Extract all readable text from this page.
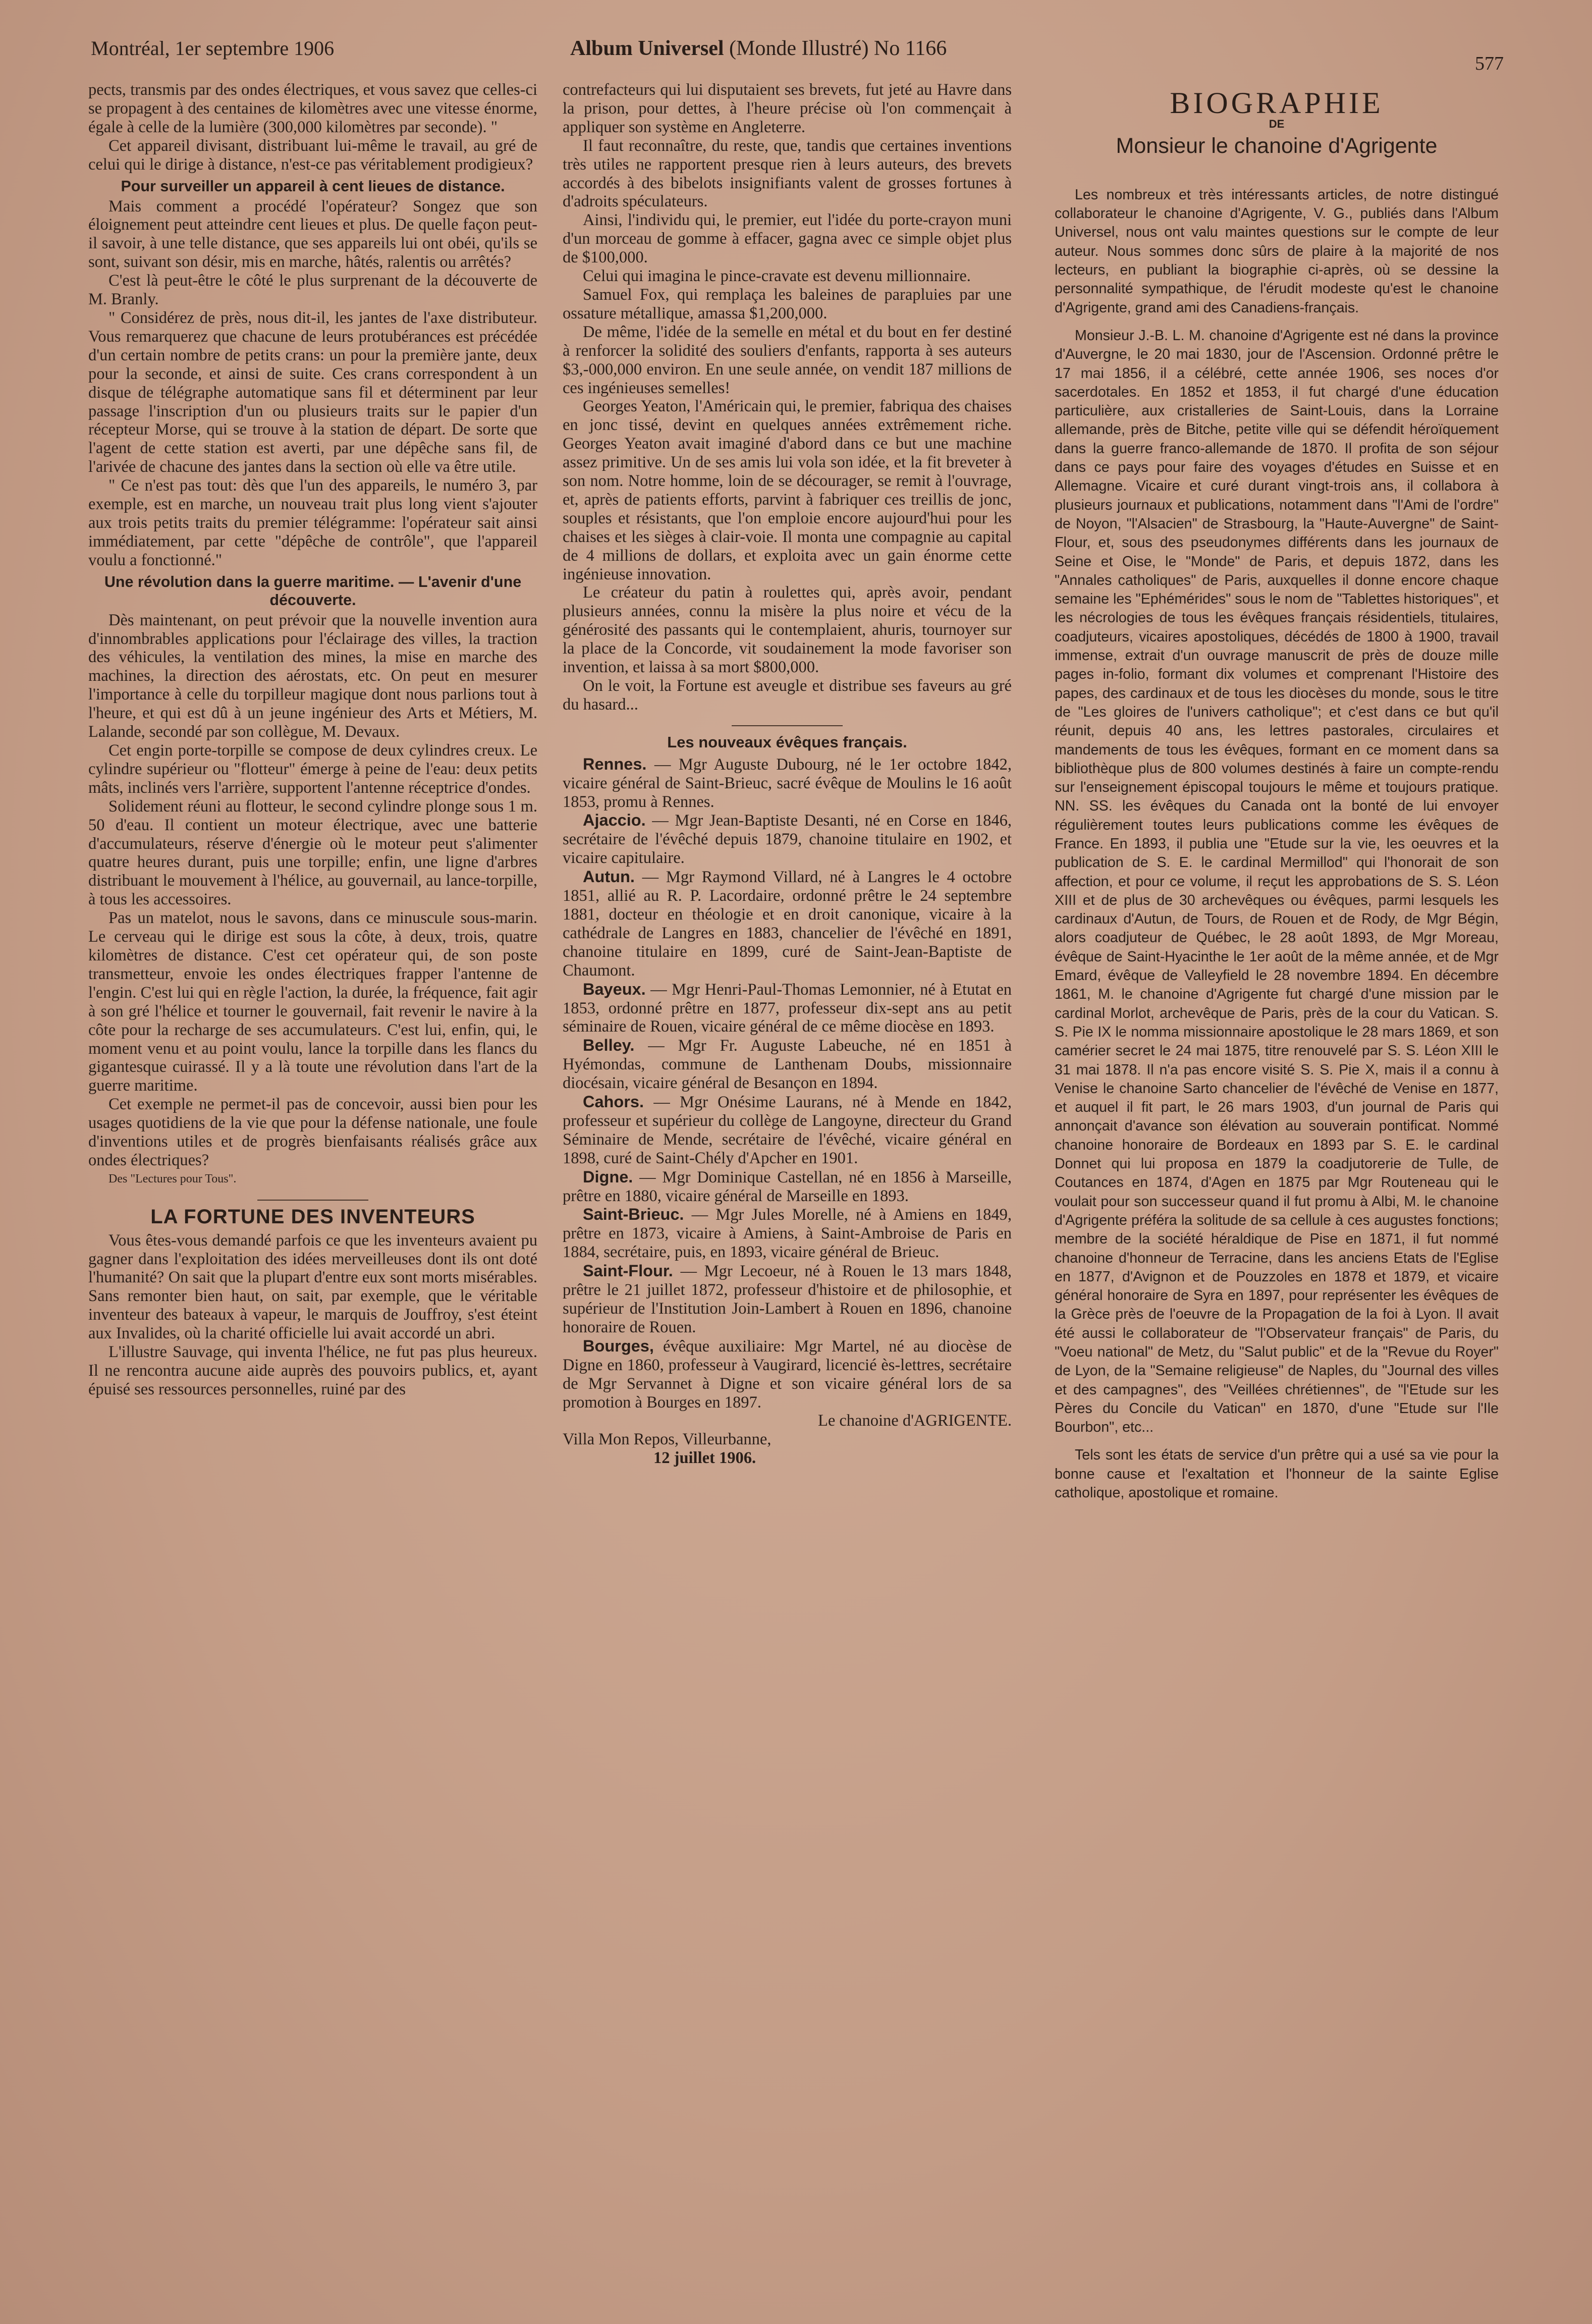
Montréal, 1er septembre 1906	Album Universel (Monde Illustré) No 1166
577

pects, transmis par des ondes électriques, et vous savez que celles-ci se propagent à des centaines de kilomètres avec une vitesse énorme, égale à celle de la lumière (300,000 kilomètres par seconde). "

Cet appareil divisant, distribuant lui-même le travail, au gré de celui qui le dirige à distance, n'est-ce pas véritablement prodigieux?

Pour surveiller un appareil à cent lieues de distance.

Mais comment a procédé l'opérateur? Songez que son éloignement peut atteindre cent lieues et plus. De quelle façon peut-il savoir, à une telle distance, que ses appareils lui ont obéi, qu'ils se sont, suivant son désir, mis en marche, hâtés, ralentis ou arrêtés?

C'est là peut-être le côté le plus surprenant de la découverte de M. Branly.

" Considérez de près, nous dit-il, les jantes de l'axe distributeur. Vous remarquerez que chacune de leurs protubérances est précédée d'un certain nombre de petits crans: un pour la première jante, deux pour la seconde, et ainsi de suite. Ces crans correspondent à un disque de télégraphe automatique sans fil et déterminent par leur passage l'inscription d'un ou plusieurs traits sur le papier d'un récepteur Morse, qui se trouve à la station de départ. De sorte que l'agent de cette station est averti, par une dépêche sans fil, de l'arivée de chacune des jantes dans la section où elle va être utile.

" Ce n'est pas tout: dès que l'un des appareils, le numéro 3, par exemple, est en marche, un nouveau trait plus long vient s'ajouter aux trois petits traits du premier télégramme: l'opérateur sait ainsi immédiatement, par cette "dépêche de contrôle", que l'appareil voulu a fonctionné."

Une révolution dans la guerre maritime. — L'avenir d'une découverte.

Dès maintenant, on peut prévoir que la nouvelle invention aura d'innombrables applications pour l'éclairage des villes, la traction des véhicules, la ventilation des mines, la mise en marche des machines, la direction des aérostats, etc. On peut en mesurer l'importance à celle du torpilleur magique dont nous parlions tout à l'heure, et qui est dû à un jeune ingénieur des Arts et Métiers, M. Lalande, secondé par son collègue, M. Devaux.

Cet engin porte-torpille se compose de deux cylindres creux. Le cylindre supérieur ou "flotteur" émerge à peine de l'eau: deux petits mâts, inclinés vers l'arrière, supportent l'antenne réceptrice d'ondes.

Solidement réuni au flotteur, le second cylindre plonge sous 1 m. 50 d'eau. Il contient un moteur électrique, avec une batterie d'accumulateurs, réserve d'énergie où le moteur peut s'alimenter quatre heures durant, puis une torpille; enfin, une ligne d'arbres distribuant le mouvement à l'hélice, au gouvernail, au lance-torpille, à tous les accessoires.

Pas un matelot, nous le savons, dans ce minuscule sous-marin. Le cerveau qui le dirige est sous la côte, à deux, trois, quatre kilomètres de distance. C'est cet opérateur qui, de son poste transmetteur, envoie les ondes électriques frapper l'antenne de l'engin. C'est lui qui en règle l'action, la durée, la fréquence, fait agir à son gré l'hélice et tourner le gouvernail, fait revenir le navire à la côte pour la recharge de ses accumulateurs. C'est lui, enfin, qui, le moment venu et au point voulu, lance la torpille dans les flancs du gigantesque cuirassé. Il y a là toute une révolution dans l'art de la guerre maritime.

Cet exemple ne permet-il pas de concevoir, aussi bien pour les usages quotidiens de la vie que pour la défense nationale, une foule d'inventions utiles et de progrès bienfaisants réalisés grâce aux ondes électriques?

Des "Lectures pour Tous".

LA FORTUNE DES INVENTEURS

Vous êtes-vous demandé parfois ce que les inventeurs avaient pu gagner dans l'exploitation des idées merveilleuses dont ils ont doté l'humanité? On sait que la plupart d'entre eux sont morts misérables. Sans remonter bien haut, on sait, par exemple, que le véritable inventeur des bateaux à vapeur, le marquis de Jouffroy, s'est éteint aux Invalides, où la charité officielle lui avait accordé un abri.

L'illustre Sauvage, qui inventa l'hélice, ne fut pas plus heureux. Il ne rencontra aucune aide auprès des pouvoirs publics, et, ayant épuisé ses ressources personnelles, ruiné par des

contrefacteurs qui lui disputaient ses brevets, fut jeté au Havre dans la prison, pour dettes, à l'heure précise où l'on commençait à appliquer son système en Angleterre.

Il faut reconnaître, du reste, que, tandis que certaines inventions très utiles ne rapportent presque rien à leurs auteurs, des brevets accordés à des bibelots insignifiants valent de grosses fortunes à d'adroits spéculateurs.

Ainsi, l'individu qui, le premier, eut l'idée du porte-crayon muni d'un morceau de gomme à effacer, gagna avec ce simple objet plus de $100,000.

Celui qui imagina le pince-cravate est devenu millionnaire.

Samuel Fox, qui remplaça les baleines de parapluies par une ossature métallique, amassa $1,200,000.

De même, l'idée de la semelle en métal et du bout en fer destiné à renforcer la solidité des souliers d'enfants, rapporta à ses auteurs $3,-000,000 environ. En une seule année, on vendit 187 millions de ces ingénieuses semelles!

Georges Yeaton, l'Américain qui, le premier, fabriqua des chaises en jonc tissé, devint en quelques années extrêmement riche. Georges Yeaton avait imaginé d'abord dans ce but une machine assez primitive. Un de ses amis lui vola son idée, et la fit breveter à son nom. Notre homme, loin de se décourager, se remit à l'ouvrage, et, après de patients efforts, parvint à fabriquer ces treillis de jonc, souples et résistants, que l'on emploie encore aujourd'hui pour les chaises et les sièges à clair-voie. Il monta une compagnie au capital de 4 millions de dollars, et exploita avec un gain énorme cette ingénieuse innovation.

Le créateur du patin à roulettes qui, après avoir, pendant plusieurs années, connu la misère la plus noire et vécu de la générosité des passants qui le contemplaient, ahuris, tournoyer sur la place de la Concorde, vit soudainement la mode favoriser son invention, et laissa à sa mort $800,000.

On le voit, la Fortune est aveugle et distribue ses faveurs au gré du hasard...

Les nouveaux évêques français.

Rennes. — Mgr Auguste Dubourg, né le 1er octobre 1842, vicaire général de Saint-Brieuc, sacré évêque de Moulins le 16 août 1853, promu à Rennes.

Ajaccio. — Mgr Jean-Baptiste Desanti, né en Corse en 1846, secrétaire de l'évêché depuis 1879, chanoine titulaire en 1902, et vicaire capitulaire.

Autun. — Mgr Raymond Villard, né à Langres le 4 octobre 1851, allié au R. P. Lacordaire, ordonné prêtre le 24 septembre 1881, docteur en théologie et en droit canonique, vicaire à la cathédrale de Langres en 1883, chancelier de l'évêché en 1891, chanoine titulaire en 1899, curé de Saint-Jean-Baptiste de Chaumont.

Bayeux. — Mgr Henri-Paul-Thomas Lemonnier, né à Etutat en 1853, ordonné prêtre en 1877, professeur dix-sept ans au petit séminaire de Rouen, vicaire général de ce même diocèse en 1893.

Belley. — Mgr Fr. Auguste Labeuche, né en 1851 à Hyémondas, commune de Lanthenam Doubs, missionnaire diocésain, vicaire général de Besançon en 1894.

Cahors. — Mgr Onésime Laurans, né à Mende en 1842, professeur et supérieur du collège de Langoyne, directeur du Grand Séminaire de Mende, secrétaire de l'évêché, vicaire général en 1898, curé de Saint-Chély d'Apcher en 1901.

Digne. — Mgr Dominique Castellan, né en 1856 à Marseille, prêtre en 1880, vicaire général de Marseille en 1893.

Saint-Brieuc. — Mgr Jules Morelle, né à Amiens en 1849, prêtre en 1873, vicaire à Amiens, à Saint-Ambroise de Paris en 1884, secrétaire, puis, en 1893, vicaire général de Brieuc.

Saint-Flour. — Mgr Lecoeur, né à Rouen le 13 mars 1848, prêtre le 21 juillet 1872, professeur d'histoire et de philosophie, et supérieur de l'Institution Join-Lambert à Rouen en 1896, chanoine honoraire de Rouen.

Bourges, évêque auxiliaire: Mgr Martel, né au diocèse de Digne en 1860, professeur à Vaugirard, licencié ès-lettres, secrétaire de Mgr Servannet à Digne et son vicaire général lors de sa promotion à Bourges en 1897.

Le chanoine d'AGRIGENTE.

Villa Mon Repos, Villeurbanne,

12 juillet 1906.

BIOGRAPHIE
DE
Monsieur le chanoine d'Agrigente

Les nombreux et très intéressants articles, de notre distingué collaborateur le chanoine d'Agrigente, V. G., publiés dans l'Album Universel, nous ont valu maintes questions sur le compte de leur auteur. Nous sommes donc sûrs de plaire à la majorité de nos lecteurs, en publiant la biographie ci-après, où se dessine la personnalité sympathique, de l'érudit modeste qu'est le chanoine d'Agrigente, grand ami des Canadiens-français.

Monsieur J.-B. L. M. chanoine d'Agrigente est né dans la province d'Auvergne, le 20 mai 1830, jour de l'Ascension. Ordonné prêtre le 17 mai 1856, il a célébré, cette année 1906, ses noces d'or sacerdotales. En 1852 et 1853, il fut chargé d'une éducation particulière, aux cristalleries de Saint-Louis, dans la Lorraine allemande, près de Bitche, petite ville qui se défendit héroïquement dans la guerre franco-allemande de 1870. Il profita de son séjour dans ce pays pour faire des voyages d'études en Suisse et en Allemagne. Vicaire et curé durant vingt-trois ans, il collabora à plusieurs journaux et publications, notamment dans "l'Ami de l'ordre" de Noyon, "l'Alsacien" de Strasbourg, la "Haute-Auvergne" de Saint-Flour, et, sous des pseudonymes différents dans les journaux de Seine et Oise, le "Monde" de Paris, et depuis 1872, dans les "Annales catholiques" de Paris, auxquelles il donne encore chaque semaine les "Ephémérides" sous le nom de "Tablettes historiques", et les nécrologies de tous les évêques français résidentiels, titulaires, coadjuteurs, vicaires apostoliques, décédés de 1800 à 1900, travail immense, extrait d'un ouvrage manuscrit de près de douze mille pages in-folio, formant dix volumes et comprenant l'Histoire des papes, des cardinaux et de tous les diocèses du monde, sous le titre de "Les gloires de l'univers catholique"; et c'est dans ce but qu'il réunit, depuis 40 ans, les lettres pastorales, circulaires et mandements de tous les évêques, formant en ce moment dans sa bibliothèque plus de 800 volumes destinés à faire un compte-rendu sur l'enseignement épiscopal toujours le même et toujours pratique. NN. SS. les évêques du Canada ont la bonté de lui envoyer régulièrement toutes leurs publications comme les évêques de France. En 1893, il publia une "Etude sur la vie, les oeuvres et la publication de S. E. le cardinal Mermillod" qui l'honorait de son affection, et pour ce volume, il reçut les approbations de S. S. Léon XIII et de plus de 30 archevêques ou évêques, parmi lesquels les cardinaux d'Autun, de Tours, de Rouen et de Rody, de Mgr Bégin, alors coadjuteur de Québec, le 28 août 1893, de Mgr Moreau, évêque de Saint-Hyacinthe le 1er août de la même année, et de Mgr Emard, évêque de Valleyfield le 28 novembre 1894. En décembre 1861, M. le chanoine d'Agrigente fut chargé d'une mission par le cardinal Morlot, archevêque de Paris, près de la cour du Vatican. S. S. Pie IX le nomma missionnaire apostolique le 28 mars 1869, et son camérier secret le 24 mai 1875, titre renouvelé par S. S. Léon XIII le 31 mai 1878. Il n'a pas encore visité S. S. Pie X, mais il a connu à Venise le chanoine Sarto chancelier de l'évêché de Venise en 1877, et auquel il fit part, le 26 mars 1903, d'un journal de Paris qui annonçait d'avance son élévation au souverain pontificat. Nommé chanoine honoraire de Bordeaux en 1893 par S. E. le cardinal Donnet qui lui proposa en 1879 la coadjutorerie de Tulle, de Coutances en 1874, d'Agen en 1875 par Mgr Routeneau qui le voulait pour son successeur quand il fut promu à Albi, M. le chanoine d'Agrigente préféra la solitude de sa cellule à ces augustes fonctions; membre de la société héraldique de Pise en 1871, il fut nommé chanoine d'honneur de Terracine, dans les anciens Etats de l'Eglise en 1877, d'Avignon et de Pouzzoles en 1878 et 1879, et vicaire général honoraire de Syra en 1897, pour représenter les évêques de la Grèce près de l'oeuvre de la Propagation de la foi à Lyon. Il avait été aussi le collaborateur de "l'Observateur français" de Paris, du "Voeu national" de Metz, du "Salut public" et de la "Revue du Royer" de Lyon, de la "Semaine religieuse" de Naples, du "Journal des villes et des campagnes", des "Veillées chrétiennes", de "l'Etude sur les Pères du Concile du Vatican" en 1870, d'une "Etude sur l'Ile Bourbon", etc...

Tels sont les états de service d'un prêtre qui a usé sa vie pour la bonne cause et l'exaltation et l'honneur de la sainte Eglise catholique, apostolique et romaine.
